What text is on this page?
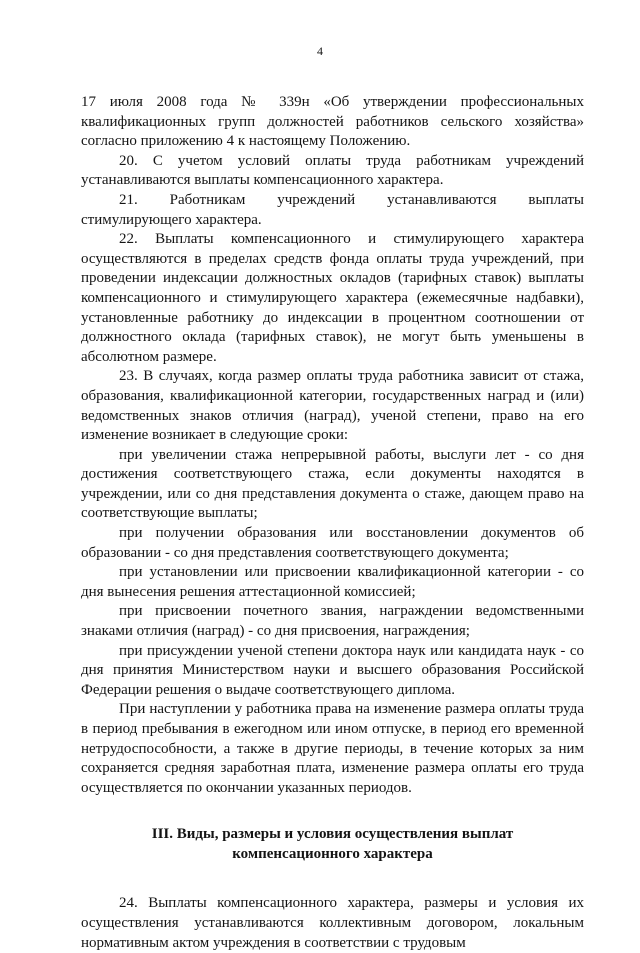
4

17 июля 2008 года № 339н «Об утверждении профессиональных квалификационных групп должностей работников сельского хозяйства» согласно приложению 4 к настоящему Положению.

20. С учетом условий оплаты труда работникам учреждений устанавливаются выплаты компенсационного характера.

21. Работникам учреждений устанавливаются выплаты стимулирующего характера.

22. Выплаты компенсационного и стимулирующего характера осуществляются в пределах средств фонда оплаты труда учреждений, при проведении индексации должностных окладов (тарифных ставок) выплаты компенсационного и стимулирующего характера (ежемесячные надбавки), установленные работнику до индексации в процентном соотношении от должностного оклада (тарифных ставок), не могут быть уменьшены в абсолютном размере.

23. В случаях, когда размер оплаты труда работника зависит от стажа, образования, квалификационной категории, государственных наград и (или) ведомственных знаков отличия (наград), ученой степени, право на его изменение возникает в следующие сроки:

при увеличении стажа непрерывной работы, выслуги лет - со дня достижения соответствующего стажа, если документы находятся в учреждении, или со дня представления документа о стаже, дающем право на соответствующие выплаты;

при получении образования или восстановлении документов об образовании - со дня представления соответствующего документа;

при установлении или присвоении квалификационной категории - со дня вынесения решения аттестационной комиссией;

при присвоении почетного звания, награждении ведомственными знаками отличия (наград) - со дня присвоения, награждения;

при присуждении ученой степени доктора наук или кандидата наук - со дня принятия Министерством науки и высшего образования Российской Федерации решения о выдаче соответствующего диплома.

При наступлении у работника права на изменение размера оплаты труда в период пребывания в ежегодном или ином отпуске, в период его временной нетрудоспособности, а также в другие периоды, в течение которых за ним сохраняется средняя заработная плата, изменение размера оплаты его труда осуществляется по окончании указанных периодов.

III. Виды, размеры и условия осуществления выплат
компенсационного характера

24. Выплаты компенсационного характера, размеры и условия их осуществления устанавливаются коллективным договором, локальным нормативным актом учреждения в соответствии с трудовым
